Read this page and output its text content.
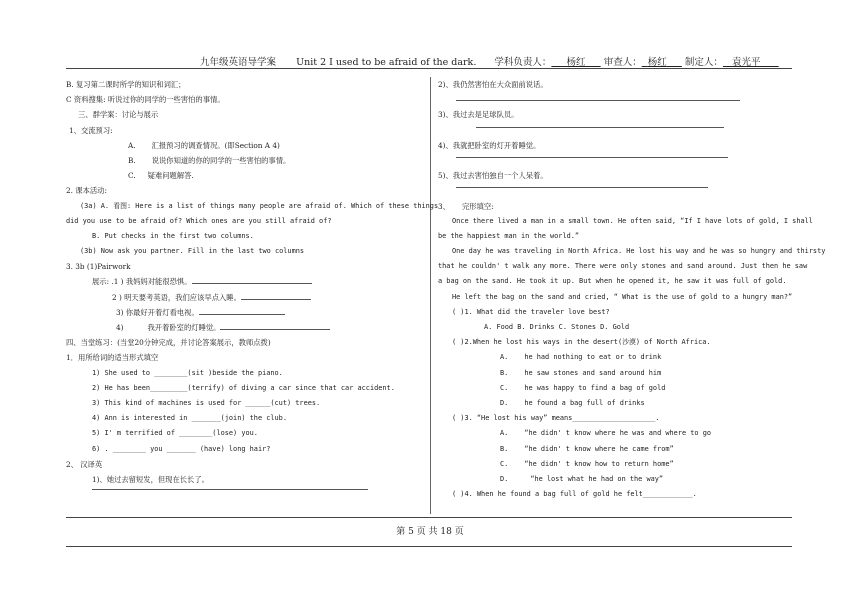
九年级英语导学案 Unit 2 I used to be afraid of the dark. 学科负责人： 杨红 审查人： 杨红 制定人： 袁光平
B. 复习第二课时所学的知识和词汇；
C 资料搜集: 听说过你的同学的一些害怕的事情。
三、群学案：讨论与展示
1、交流预习:
A. 汇报预习的调查情况。(即Section A 4)
B. 说说你知道的你的同学的一些害怕的事情。
C. 疑难问题解答.
2. 课本活动:
(3a) A. 看图: Here is a list of things many people are afraid of. Which of these things
did you use to be afraid of? Which ones are you still afraid of?
B. Put checks in the first two columns.
(3b) Now ask you partner. Fill in the last two columns
3. 3b (1)Pairwork
展示: .1 ) 我妈妈对能很恐惧。
2 ) 明天要考英语，我们应该早点入睡。
3) 你最好开着灯看电视。
4)	我开着卧室的灯睡觉。
四、当堂练习：(当堂20分钟完成，并讨论答案展示，教师点拨)
1．用所给词的适当形式填空
1) She used to ________(sit )beside the piano.
2) He has been_________(terrify) of diving a car since that car accident.
3) This kind of machines is used for ______(cut) trees.
4) Ann is interested in _______(join) the club.
5) I' m terrified of ________(lose) you.
6) . ________ you _______ (have) long hair?
2、 汉译英
1)、她过去留短发，但现在长长了。
2)、我仍然害怕在大众面前说话。
3)、我过去是足球队员。
4)、我就把卧室的灯开着睡觉。
5)、我过去害怕独自一个人呆着。
3、 完形填空:
Once there lived a man in a small town. He often said, “If I have lots of gold, I shall
be the happiest man in the world.”
One day he was traveling in North Africa. He lost his way and he was so hungry and thirsty
that he couldn' t walk any more. There were only stones and sand around. Just then he saw
a bag on the sand. He took it up. But when he opened it, he saw it was full of gold.
He left the bag on the sand and cried, “ What is the use of gold to a hungry man?”
( )1. What did the traveler love best?
A. Food B. Drinks C. Stones D. Gold
( )2.When he lost his ways in the desert(沙漠) of North Africa.
A. he had nothing to eat or to drink
B. he saw stones and sand around him
C. he was happy to find a bag of gold
D. he found a bag full of drinks
( )3. “He lost his way” means____________________.
A. “he didn' t know where he was and where to go
B. “he didn' t know where he came from”
C. “he didn' t know how to return home”
D.	“he lost what he had on the way”
( )4. When he found a bag full of gold he felt____________.
第 5 页 共 18 页
